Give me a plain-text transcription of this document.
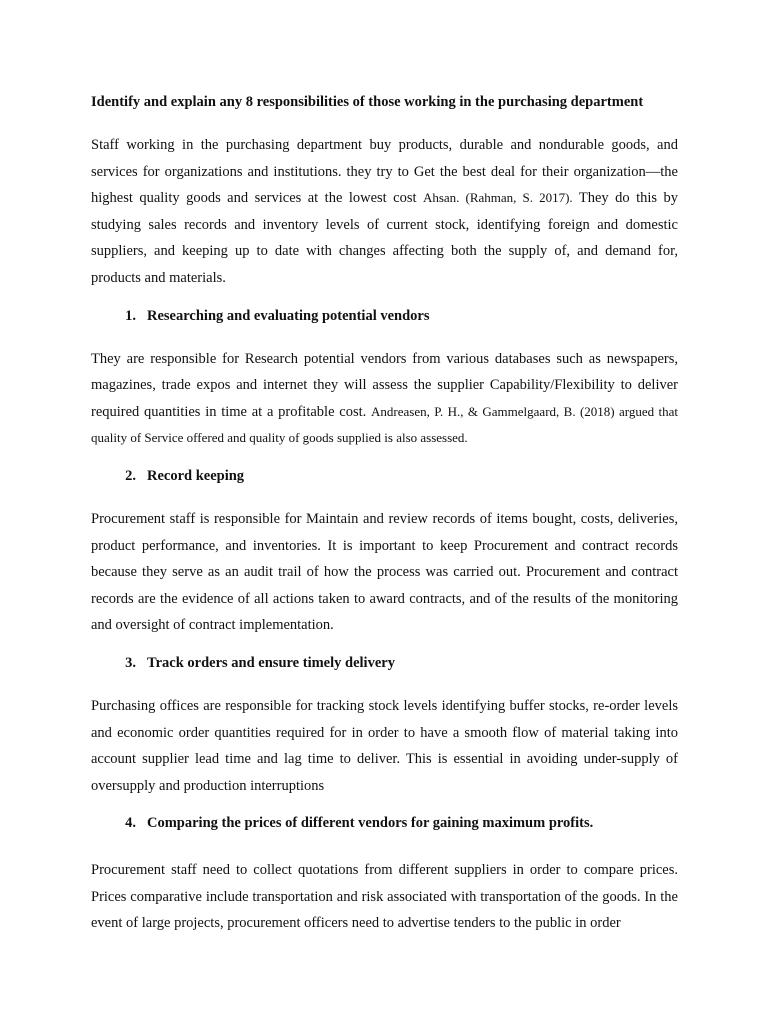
Identify and explain any 8 responsibilities of those working in the purchasing department

Staff working in the purchasing department buy products, durable and nondurable goods, and services for organizations and institutions. they try to Get the best deal for their organization—the highest quality goods and services at the lowest cost Ahsan. (Rahman, S. 2017). They do this by studying sales records and inventory levels of current stock, identifying foreign and domestic suppliers, and keeping up to date with changes affecting both the supply of, and demand for, products and materials.

1. Researching and evaluating potential vendors

They are responsible for Research potential vendors from various databases such as newspapers, magazines, trade expos and internet they will assess the supplier Capability/Flexibility to deliver required quantities in time at a profitable cost. Andreasen, P. H., & Gammelgaard, B. (2018) argued that quality of Service offered and quality of goods supplied is also assessed.

2. Record keeping

Procurement staff is responsible for Maintain and review records of items bought, costs, deliveries, product performance, and inventories. It is important to keep Procurement and contract records because they serve as an audit trail of how the process was carried out. Procurement and contract records are the evidence of all actions taken to award contracts, and of the results of the monitoring and oversight of contract implementation.

3. Track orders and ensure timely delivery

Purchasing offices are responsible for tracking stock levels identifying buffer stocks, re-order levels and economic order quantities required for in order to have a smooth flow of material taking into account supplier lead time and lag time to deliver. This is essential in avoiding under-supply of oversupply and production interruptions

4. Comparing the prices of different vendors for gaining maximum profits.

Procurement staff need to collect quotations from different suppliers in order to compare prices. Prices comparative include transportation and risk associated with transportation of the goods. In the event of large projects, procurement officers need to advertise tenders to the public in order
